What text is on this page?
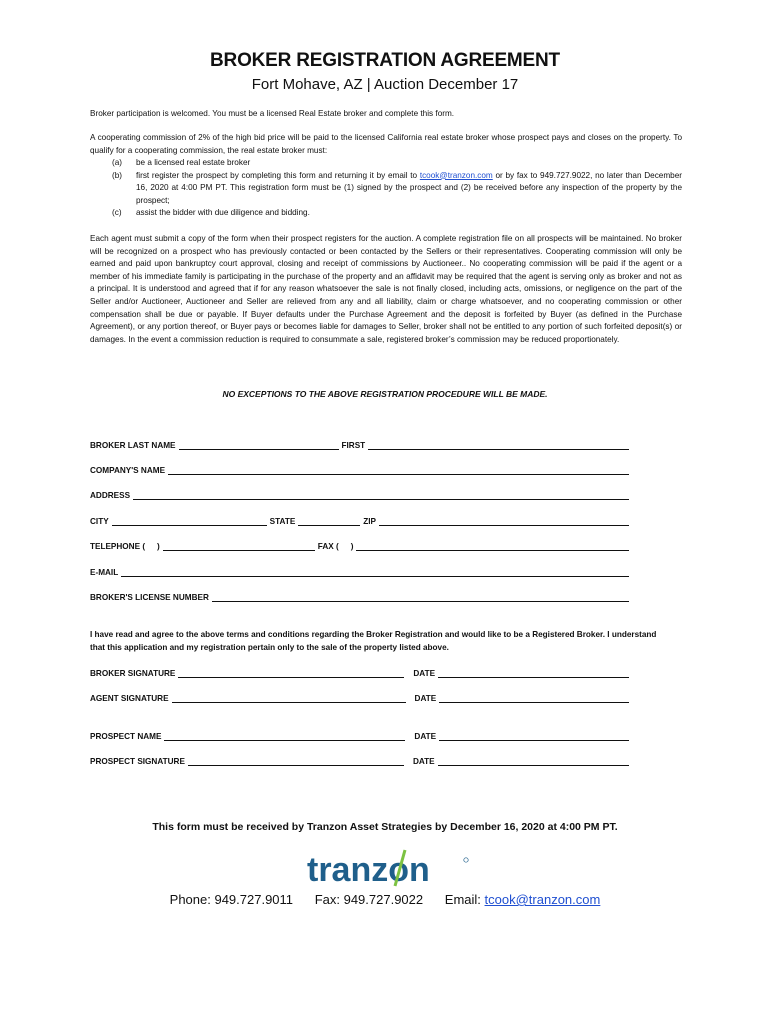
BROKER REGISTRATION AGREEMENT
Fort Mohave, AZ | Auction December 17
Broker participation is welcomed. You must be a licensed Real Estate broker and complete this form.
A cooperating commission of 2% of the high bid price will be paid to the licensed California real estate broker whose prospect pays and closes on the property. To qualify for a cooperating commission, the real estate broker must:
(a)	be a licensed real estate broker
(b)	first register the prospect by completing this form and returning it by email to tcook@tranzon.com or by fax to 949.727.9022, no later than December 16, 2020 at 4:00 PM PT. This registration form must be (1) signed by the prospect and (2) be received before any inspection of the property by the prospect;
(c)	assist the bidder with due diligence and bidding.
Each agent must submit a copy of the form when their prospect registers for the auction. A complete registration file on all prospects will be maintained. No broker will be recognized on a prospect who has previously contacted or been contacted by the Sellers or their representatives. Cooperating commission will only be earned and paid upon bankruptcy court approval, closing and receipt of commissions by Auctioneer.. No cooperating commission will be paid if the agent or a member of his immediate family is participating in the purchase of the property and an affidavit may be required that the agent is serving only as broker and not as a principal. It is understood and agreed that if for any reason whatsoever the sale is not finally closed, including acts, omissions, or negligence on the part of the Seller and/or Auctioneer, Auctioneer and Seller are relieved from any and all liability, claim or charge whatsoever, and no cooperating commission or other compensation shall be due or payable. If Buyer defaults under the Purchase Agreement and the deposit is forfeited by Buyer (as defined in the Purchase Agreement), or any portion thereof, or Buyer pays or becomes liable for damages to Seller, broker shall not be entitled to any portion of such forfeited deposit(s) or damages. In the event a commission reduction is required to consummate a sale, registered broker’s commission may be reduced proportionately.
NO EXCEPTIONS TO THE ABOVE REGISTRATION PROCEDURE WILL BE MADE.
BROKER LAST NAME	FIRST
COMPANY'S NAME
ADDRESS
CITY	STATE	ZIP
TELEPHONE ( )	FAX ( )
E-MAIL
BROKER'S LICENSE NUMBER
I have read and agree to the above terms and conditions regarding the Broker Registration and would like to be a Registered Broker. I understand that this application and my registration pertain only to the sale of the property listed above.
BROKER SIGNATURE	DATE
AGENT SIGNATURE	DATE
PROSPECT NAME	DATE
PROSPECT SIGNATURE	DATE
This form must be received by Tranzon Asset Strategies by December 16, 2020 at 4:00 PM PT.
tranzon
Phone: 949.727.9011 Fax: 949.727.9022 Email: tcook@tranzon.com
